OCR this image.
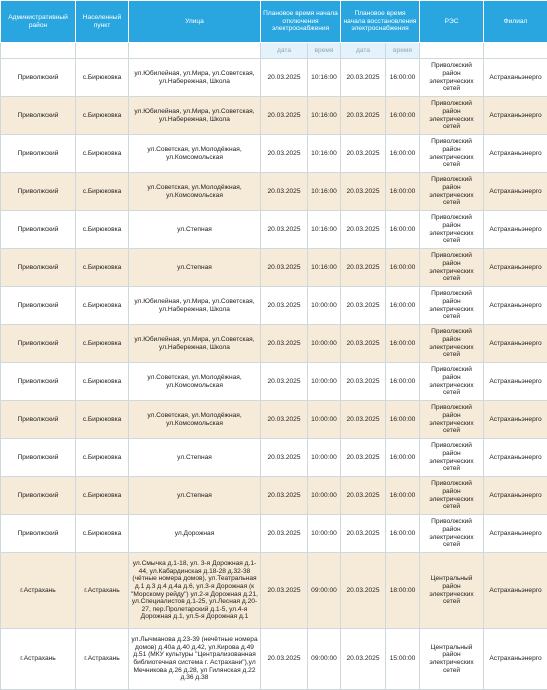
Административный район	Населенный пункт	Улица	Плановое время начала отключения электроснабжения		Плановое время начала восстановления электроснабжения		РЭС	Филиал
			дата	время	дата	время		
Приволжский	с.Бирюковка	ул.Юбилейная, ул.Мира, ул.Советская, ул.Набережная, Школа	20.03.2025	10:16:00	20.03.2025	16:00:00	Приволжский район электрических сетей	Астраханьэнерго
Приволжский	с.Бирюковка	ул.Юбилейная, ул.Мира, ул.Советская, ул.Набережная, Школа	20.03.2025	10:16:00	20.03.2025	16:00:00	Приволжский район электрических сетей	Астраханьэнерго
Приволжский	с.Бирюковка	ул.Советская, ул.Молодёжная, ул.Комсомольская	20.03.2025	10:16:00	20.03.2025	16:00:00	Приволжский район электрических сетей	Астраханьэнерго
Приволжский	с.Бирюковка	ул.Советская, ул.Молодёжная, ул.Комсомольская	20.03.2025	10:16:00	20.03.2025	16:00:00	Приволжский район электрических сетей	Астраханьэнерго
Приволжский	с.Бирюковка	ул.Степная	20.03.2025	10:16:00	20.03.2025	16:00:00	Приволжский район электрических сетей	Астраханьэнерго
Приволжский	с.Бирюковка	ул.Степная	20.03.2025	10:16:00	20.03.2025	16:00:00	Приволжский район электрических сетей	Астраханьэнерго
Приволжский	с.Бирюковка	ул.Юбилейная, ул.Мира, ул.Советская, ул.Набережная, Школа	20.03.2025	10:00:00	20.03.2025	16:00:00	Приволжский район электрических сетей	Астраханьэнерго
Приволжский	с.Бирюковка	ул.Юбилейная, ул.Мира, ул.Советская, ул.Набережная, Школа	20.03.2025	10:00:00	20.03.2025	16:00:00	Приволжский район электрических сетей	Астраханьэнерго
Приволжский	с.Бирюковка	ул.Советская, ул.Молодёжная, ул.Комсомольская	20.03.2025	10:00:00	20.03.2025	16:00:00	Приволжский район электрических сетей	Астраханьэнерго
Приволжский	с.Бирюковка	ул.Советская, ул.Молодёжная, ул.Комсомольская	20.03.2025	10:00:00	20.03.2025	16:00:00	Приволжский район электрических сетей	Астраханьэнерго
Приволжский	с.Бирюковка	ул.Степная	20.03.2025	10:00:00	20.03.2025	16:00:00	Приволжский район электрических сетей	Астраханьэнерго
Приволжский	с.Бирюковка	ул.Степная	20.03.2025	10:00:00	20.03.2025	16:00:00	Приволжский район электрических сетей	Астраханьэнерго
Приволжский	с.Бирюковка	ул.Дорожная	20.03.2025	10:00:00	20.03.2025	16:00:00	Приволжский район электрических сетей	Астраханьэнерго
г.Астрахань	г.Астрахань	ул.Смычка д.1-18, ул. 3-я Дорожная д.1-44, ул.Кабардинская д.18-28 д.32-38 (чётные номера домов), ул.Театральная д.1 д.3 д.4 д.4а д.6, ул.3-я Дорожная (к "Морскому рейду") ул.2-я Дорожная д.21, ул.Специалистов д.1-25, ул.Лесная д.20-27, пер.Пролетарский д.1-5, ул.4-я Дорожная д.1, ул.5-я Дорожная д.1	20.03.2025	09:00:00	20.03.2025	18:00:00	Центральный район электрических сетей	Астраханьэнерго
г.Астрахань	г.Астрахань	ул.Лычманова д.23-39 (нечётные номера домов) д.40а д.40 д.42, ул.Кирова д.49 д.51 (МКУ культуры "Централизованная библиотечная система г. Астрахани"),ул Мечникова д.26 д.28, ул Гилянская д.22 д.36 д.38	20.03.2025	09:00:00	20.03.2025	15:00:00	Центральный район электрических сетей	Астраханьэнерго
